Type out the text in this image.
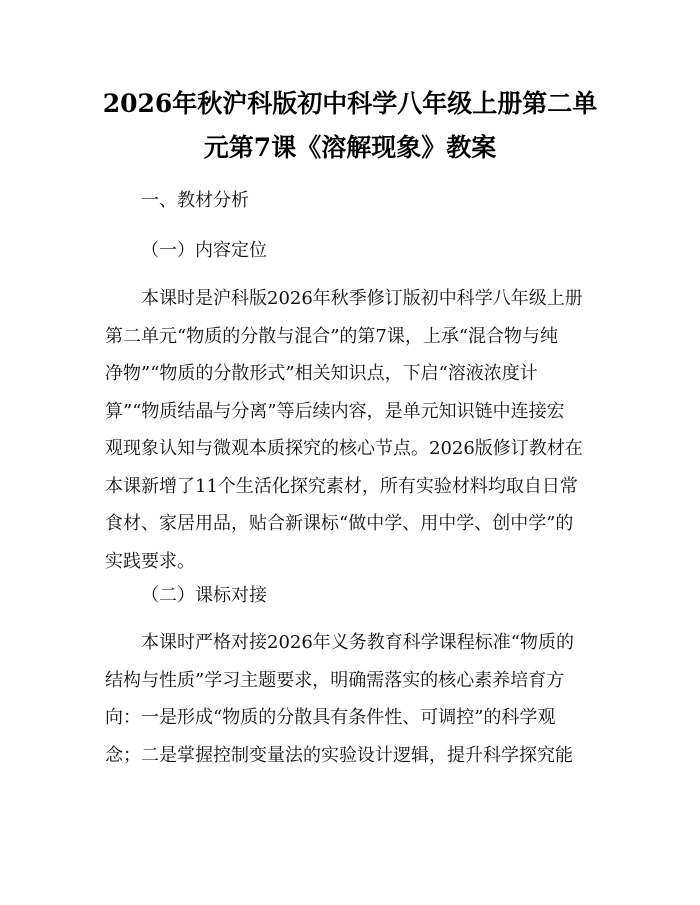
2026年秋沪科版初中科学八年级上册第二单
元第7课《溶解现象》教案
一、教材分析
（一）内容定位
本课时是沪科版2026年秋季修订版初中科学八年级上册
第二单元“物质的分散与混合”的第7课，上承“混合物与纯
净物”“物质的分散形式”相关知识点，下启“溶液浓度计
算”“物质结晶与分离”等后续内容，是单元知识链中连接宏
观现象认知与微观本质探究的核心节点。2026版修订教材在
本课新增了11个生活化探究素材，所有实验材料均取自日常
食材、家居用品，贴合新课标“做中学、用中学、创中学”的
实践要求。
（二）课标对接
本课时严格对接2026年义务教育科学课程标准“物质的
结构与性质”学习主题要求，明确需落实的核心素养培育方
向：一是形成“物质的分散具有条件性、可调控”的科学观
念；二是掌握控制变量法的实验设计逻辑，提升科学探究能
